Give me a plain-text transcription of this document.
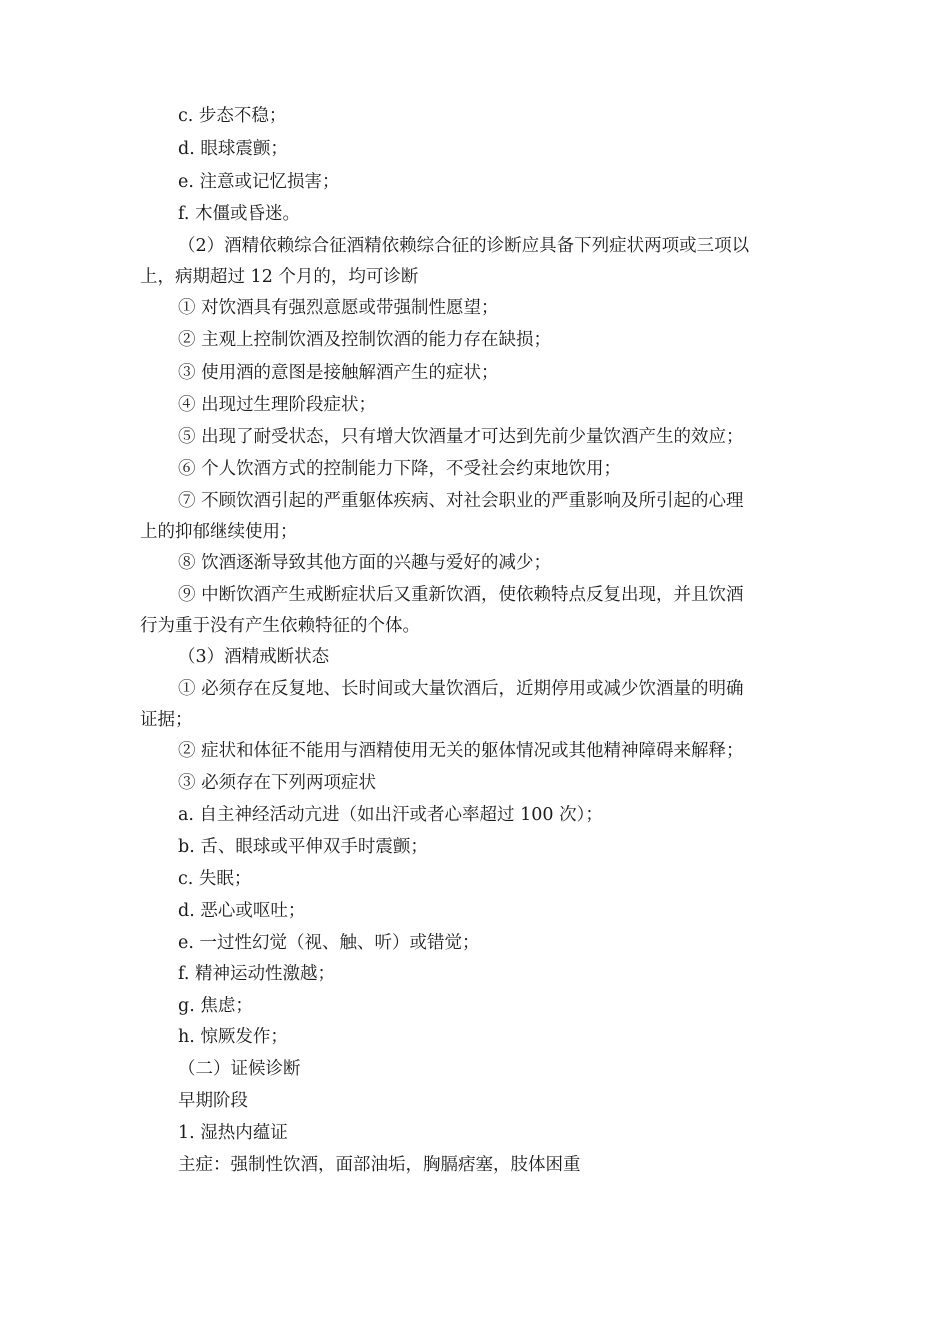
c. 步态不稳；
d. 眼球震颤；
e. 注意或记忆损害；
f. 木僵或昏迷。
（2）酒精依赖综合征酒精依赖综合征的诊断应具备下列症状两项或三项以
上，病期超过 12 个月的，均可诊断
① 对饮酒具有强烈意愿或带强制性愿望；
② 主观上控制饮酒及控制饮酒的能力存在缺损；
③ 使用酒的意图是接触解酒产生的症状；
④ 出现过生理阶段症状；
⑤ 出现了耐受状态，只有增大饮酒量才可达到先前少量饮酒产生的效应；
⑥ 个人饮酒方式的控制能力下降，不受社会约束地饮用；
⑦ 不顾饮酒引起的严重躯体疾病、对社会职业的严重影响及所引起的心理
上的抑郁继续使用；
⑧ 饮酒逐渐导致其他方面的兴趣与爱好的减少；
⑨ 中断饮酒产生戒断症状后又重新饮酒，使依赖特点反复出现，并且饮酒
行为重于没有产生依赖特征的个体。
（3）酒精戒断状态
① 必须存在反复地、长时间或大量饮酒后，近期停用或减少饮酒量的明确
证据；
② 症状和体征不能用与酒精使用无关的躯体情况或其他精神障碍来解释；
③ 必须存在下列两项症状
a. 自主神经活动亢进（如出汗或者心率超过 100 次）；
b. 舌、眼球或平伸双手时震颤；
c. 失眠；
d. 恶心或呕吐；
e. 一过性幻觉（视、触、听）或错觉；
f. 精神运动性激越；
g. 焦虑；
h. 惊厥发作；
（二）证候诊断
早期阶段
1. 湿热内蕴证
主症：强制性饮酒，面部油垢，胸膈痞塞，肢体困重
